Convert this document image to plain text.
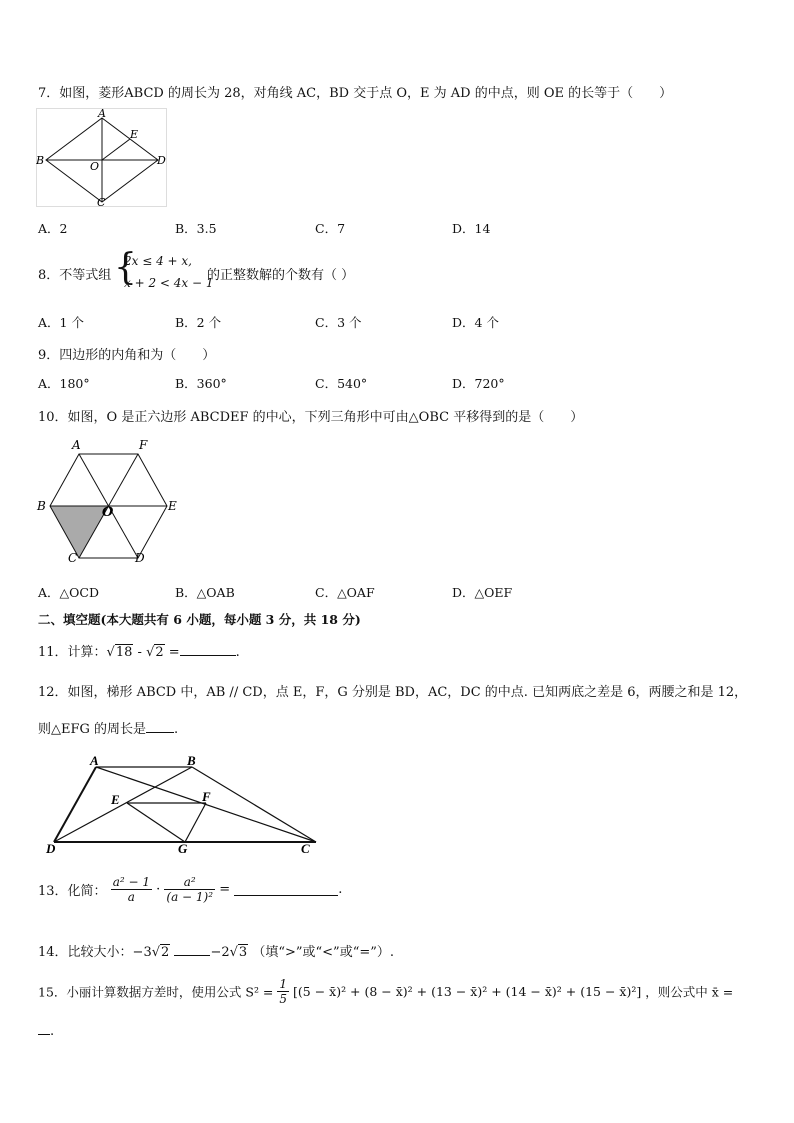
7．如图，菱形ABCD 的周长为 28，对角线 AC，BD 交于点 O，E 为 AD 的中点，则 OE 的长等于（　　）
A
B
C
D
E
O
A．2	B．3.5	C．7	D．14
8．不等式组 {
2x ≤ 4 + x,
x + 2 < 4x − 1
的正整数解的个数有（ ）
A．1 个	B．2 个	C．3 个	D．4 个
9．四边形的内角和为（　　）
A．180°	B．360°	C．540°	D．720°
10．如图，O 是正六边形 ABCDEF 的中心，下列三角形中可由△OBC 平移得到的是（　　）
A	F
B	E
C	D
O
A．△OCD	B．△OAB	C．△OAF	D．△OEF
二、填空题(本大题共有 6 小题，每小题 3 分，共 18 分)
11．计算：√18 - √2 =	.
12．如图，梯形 ABCD 中，AB // CD，点 E，F，G 分别是 BD，AC，DC 的中点. 已知两底之差是 6，两腰之和是 12，
则△EFG 的周长是 .
A	B
D	G	C
E	F
13．化简： $\frac{\text{a² − 1}}{a} \cdot \frac{\text{a²}}{\text{(a − 1)²}}$ =	.
14．比较大小：−3√2	−2√3 （填“>”或“<”或“=”）.
15．小丽计算数据方差时，使用公式 $S^2 = \frac{1}{5} [(5$ − x̄)² + (8 − x̄)² + (13 − x̄)² + (14 − x̄)² + (15 − x̄)²] ，则公式中 x̄ =
.
